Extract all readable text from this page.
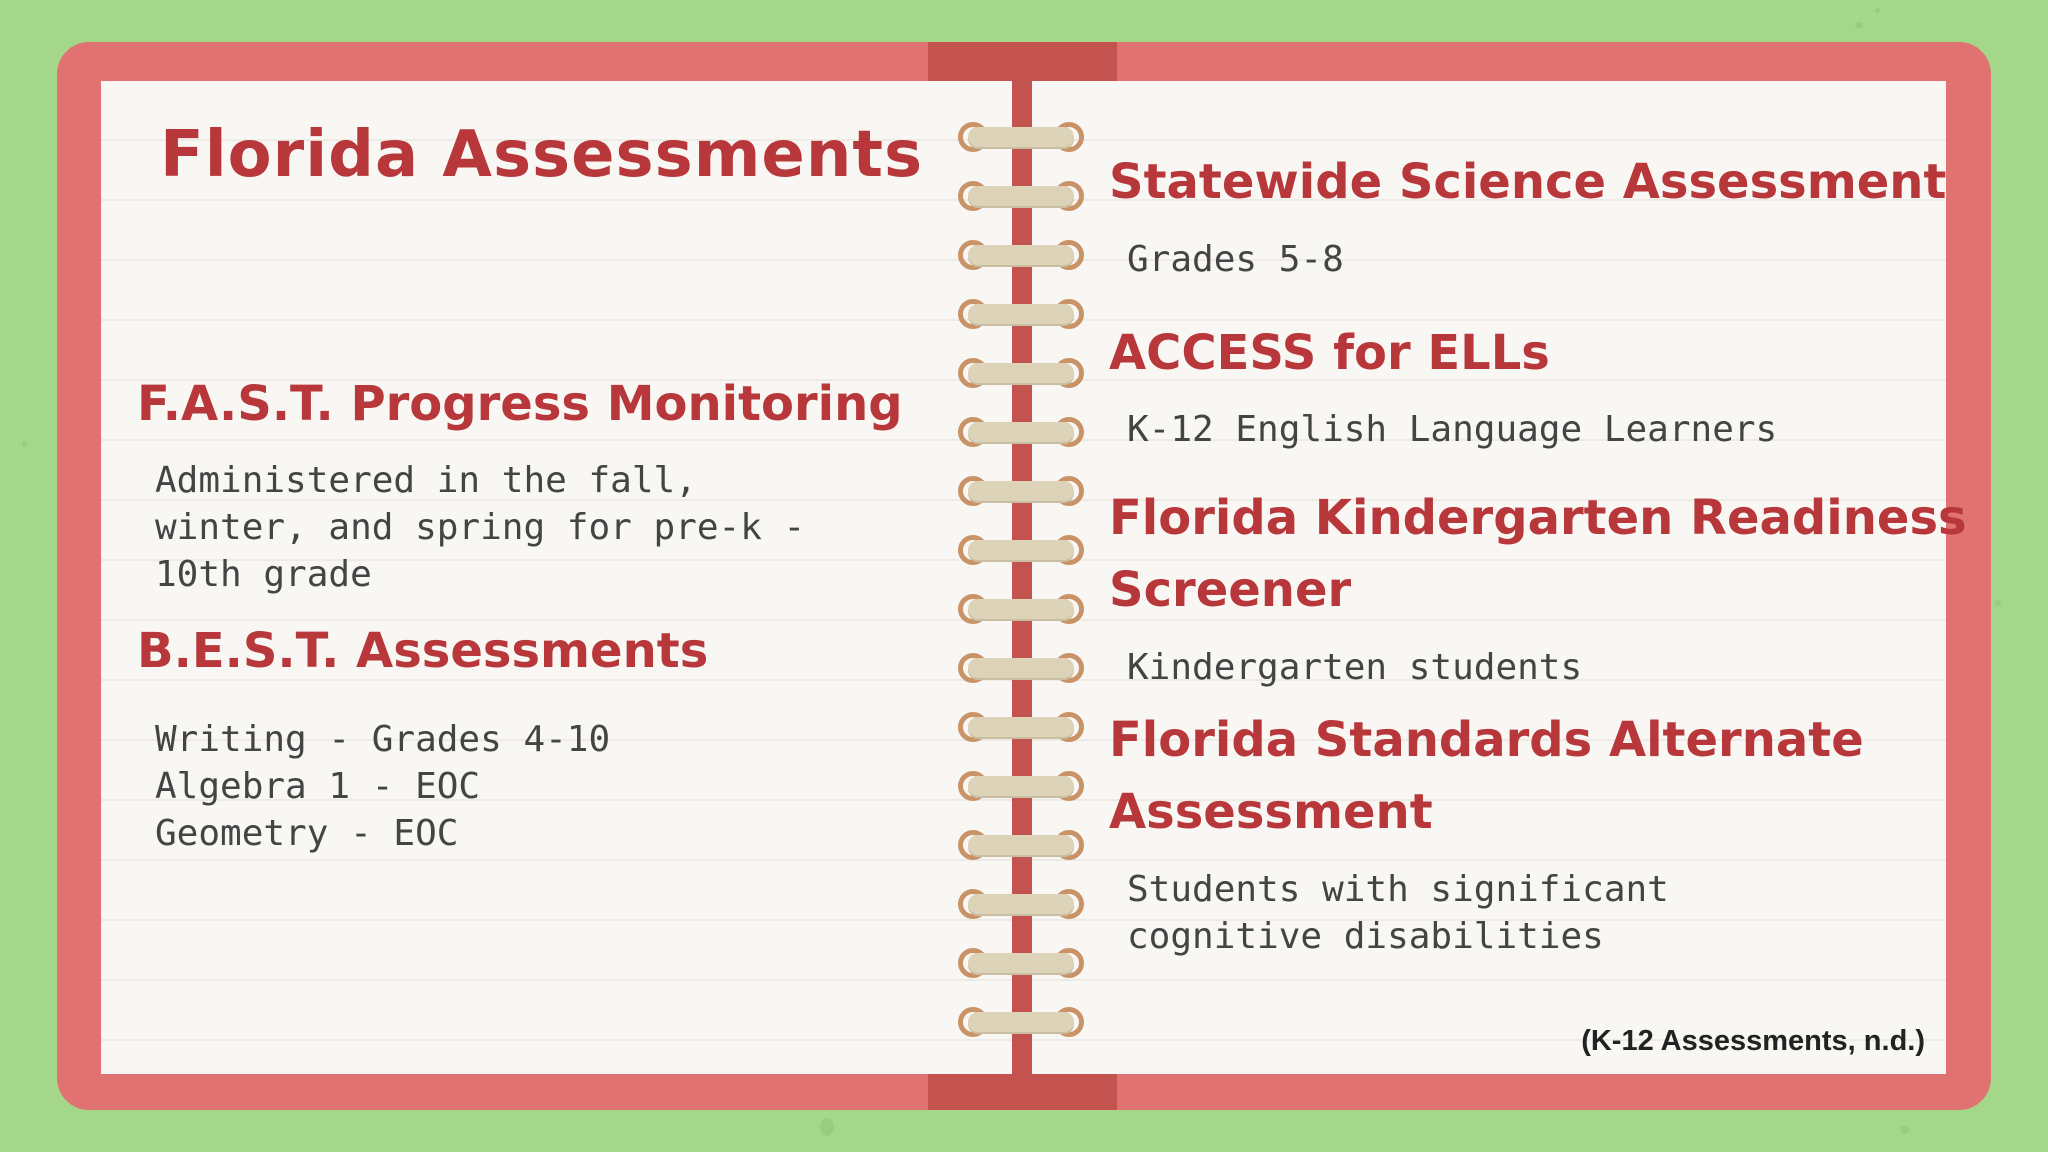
Florida Assessments
F.A.S.T. Progress Monitoring

Administered in the fall,
winter, and spring for pre-k -
10th grade

B.E.S.T. Assessments

Writing - Grades 4-10
Algebra 1 - EOC
Geometry - EOC

Statewide Science Assessment

Grades 5-8

ACCESS for ELLs

K-12 English Language Learners

Florida Kindergarten Readiness
Screener

Kindergarten students

Florida Standards Alternate
Assessment

Students with significant
cognitive disabilities

(K-12 Assessments, n.d.)
